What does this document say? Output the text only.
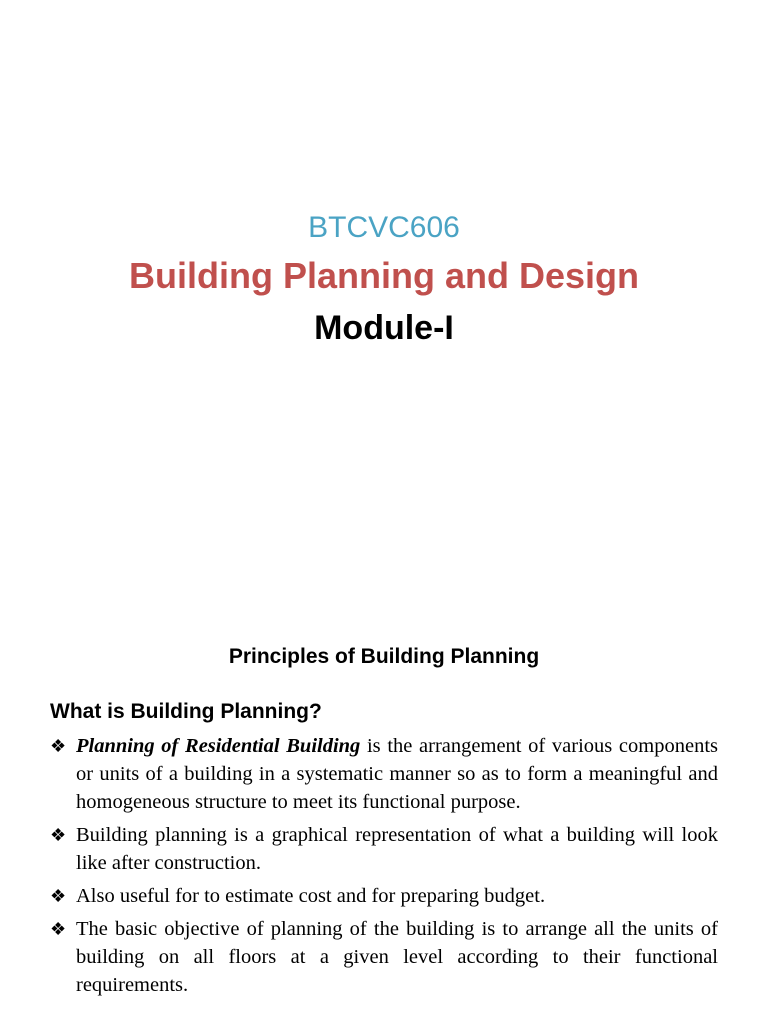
BTCVC606
Building Planning and Design
Module-I
Principles of Building Planning
What is Building Planning?
❖ Planning of Residential Building is the arrangement of various components or units of a building in a systematic manner so as to form a meaningful and homogeneous structure to meet its functional purpose.
❖ Building planning is a graphical representation of what a building will look like after construction.
❖ Also useful for to estimate cost and for preparing budget.
❖ The basic objective of planning of the building is to arrange all the units of building on all floors at a given level according to their functional requirements.
